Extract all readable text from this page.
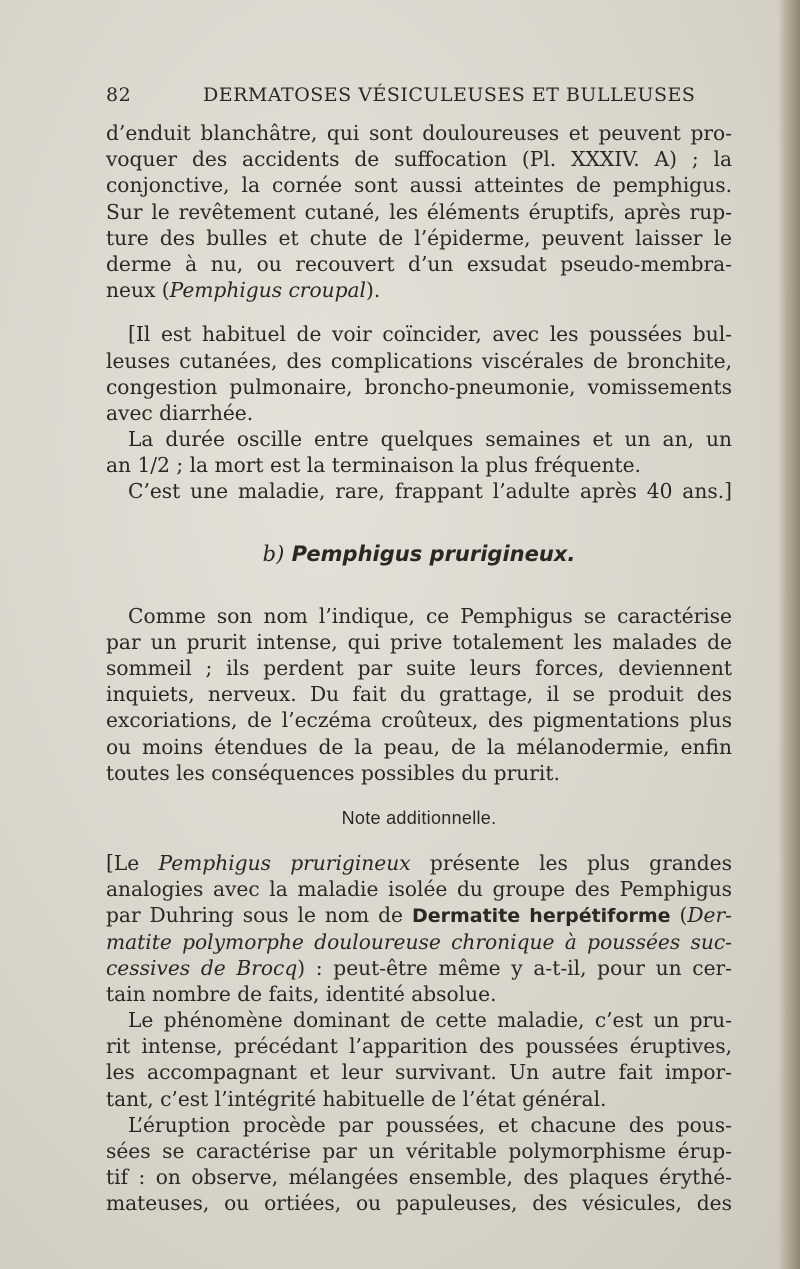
82	DERMATOSES VÉSICULEUSES ET BULLEUSES
d’enduit blanchâtre, qui sont douloureuses et peuvent pro-
voquer des accidents de suffocation (Pl. XXXIV. A) ; la
conjonctive, la cornée sont aussi atteintes de pemphigus.
Sur le revêtement cutané, les éléments éruptifs, après rup-
ture des bulles et chute de l’épiderme, peuvent laisser le
derme à nu, ou recouvert d’un exsudat pseudo-membra-
neux (Pemphigus croupal).
[Il est habituel de voir coïncider, avec les poussées bul-
leuses cutanées, des complications viscérales de bronchite,
congestion pulmonaire, broncho-pneumonie, vomissements
avec diarrhée.
La durée oscille entre quelques semaines et un an, un
an 1/2 ; la mort est la terminaison la plus fréquente.
C’est une maladie, rare, frappant l’adulte après 40 ans.]
b) Pemphigus prurigineux.
Comme son nom l’indique, ce Pemphigus se caractérise
par un prurit intense, qui prive totalement les malades de
sommeil ; ils perdent par suite leurs forces, deviennent
inquiets, nerveux. Du fait du grattage, il se produit des
excoriations, de l’eczéma croûteux, des pigmentations plus
ou moins étendues de la peau, de la mélanodermie, enfin
toutes les conséquences possibles du prurit.
Note additionnelle.
[Le Pemphigus prurigineux présente les plus grandes
analogies avec la maladie isolée du groupe des Pemphigus
par Duhring sous le nom de Dermatite herpétiforme (Der-
matite polymorphe douloureuse chronique à poussées suc-
cessives de Brocq) : peut-être même y a-t-il, pour un cer-
tain nombre de faits, identité absolue.
Le phénomène dominant de cette maladie, c’est un pru-
rit intense, précédant l’apparition des poussées éruptives,
les accompagnant et leur survivant. Un autre fait impor-
tant, c’est l’intégrité habituelle de l’état général.
L’éruption procède par poussées, et chacune des pous-
sées se caractérise par un véritable polymorphisme érup-
tif : on observe, mélangées ensemble, des plaques érythé-
mateuses, ou ortiées, ou papuleuses, des vésicules, des
